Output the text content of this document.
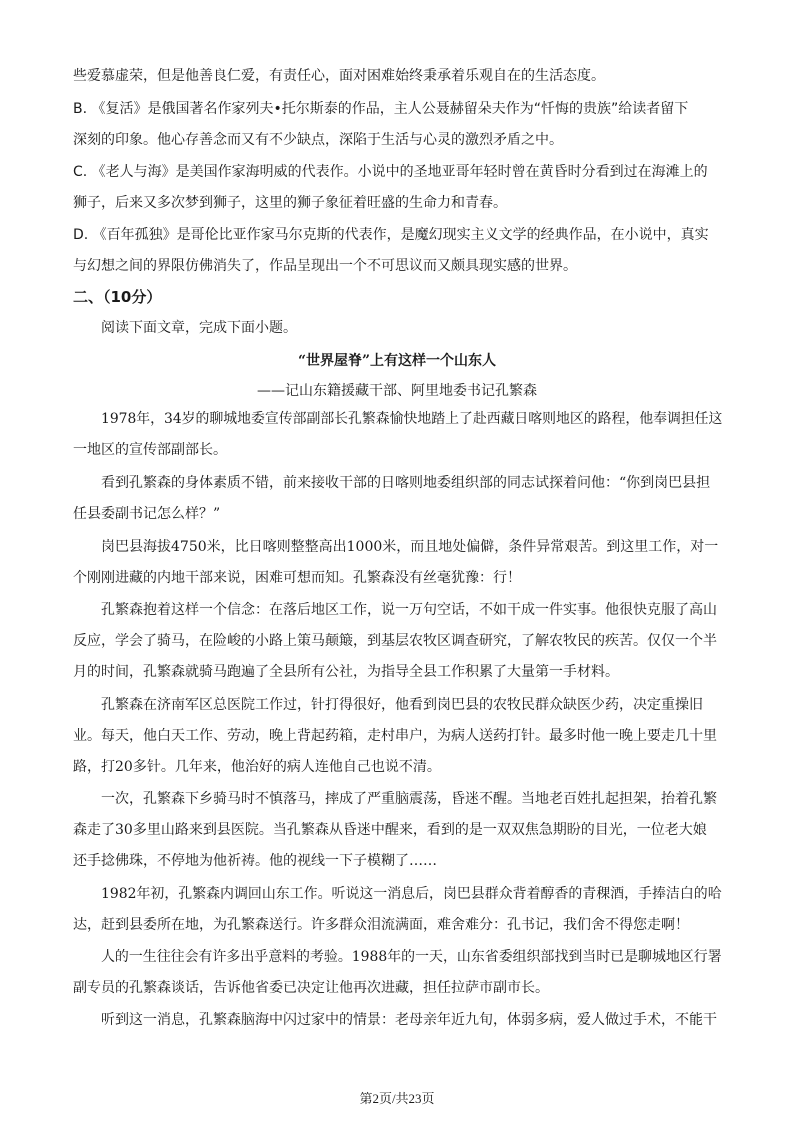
些爱慕虚荣，但是他善良仁爱，有责任心，面对困难始终秉承着乐观自在的生活态度。
B. 《复活》是俄国著名作家列夫•托尔斯泰的作品，主人公聂赫留朵夫作为“忏悔的贵族”给读者留下
深刻的印象。他心存善念而又有不少缺点，深陷于生活与心灵的激烈矛盾之中。
C. 《老人与海》是美国作家海明威的代表作。小说中的圣地亚哥年轻时曾在黄昏时分看到过在海滩上的
狮子，后来又多次梦到狮子，这里的狮子象征着旺盛的生命力和青春。
D. 《百年孤独》是哥伦比亚作家马尔克斯的代表作，是魔幻现实主义文学的经典作品，在小说中，真实
与幻想之间的界限仿佛消失了，作品呈现出一个不可思议而又颇具现实感的世界。
二、（10分）
阅读下面文章，完成下面小题。
“世界屋脊”上有这样一个山东人
——记山东籍援藏干部、阿里地委书记孔繁森
1978年，34岁的聊城地委宣传部副部长孔繁森愉快地踏上了赴西藏日喀则地区的路程，他奉调担任这
一地区的宣传部副部长。
看到孔繁森的身体素质不错，前来接收干部的日喀则地委组织部的同志试探着问他：“你到岗巴县担
任县委副书记怎么样？”
岗巴县海拔4750米，比日喀则整整高出1000米，而且地处偏僻，条件异常艰苦。到这里工作，对一
个刚刚进藏的内地干部来说，困难可想而知。孔繁森没有丝毫犹豫：行！
孔繁森抱着这样一个信念：在落后地区工作，说一万句空话，不如干成一件实事。他很快克服了高山
反应，学会了骑马，在险峻的小路上策马颠簸，到基层农牧区调查研究，了解农牧民的疾苦。仅仅一个半
月的时间，孔繁森就骑马跑遍了全县所有公社，为指导全县工作积累了大量第一手材料。
孔繁森在济南军区总医院工作过，针打得很好，他看到岗巴县的农牧民群众缺医少药，决定重操旧
业。每天，他白天工作、劳动，晚上背起药箱，走村串户，为病人送药打针。最多时他一晚上要走几十里
路，打20多针。几年来，他治好的病人连他自己也说不清。
一次，孔繁森下乡骑马时不慎落马，摔成了严重脑震荡，昏迷不醒。当地老百姓扎起担架，抬着孔繁
森走了30多里山路来到县医院。当孔繁森从昏迷中醒来，看到的是一双双焦急期盼的目光，一位老大娘
还手捻佛珠，不停地为他祈祷。他的视线一下子模糊了……
1982年初，孔繁森内调回山东工作。听说这一消息后，岗巴县群众背着醇香的青稞酒，手捧洁白的哈
达，赶到县委所在地，为孔繁森送行。许多群众泪流满面，难舍难分：孔书记，我们舍不得您走啊！
人的一生往往会有许多出乎意料的考验。1988年的一天，山东省委组织部找到当时已是聊城地区行署
副专员的孔繁森谈话，告诉他省委已决定让他再次进藏，担任拉萨市副市长。
听到这一消息，孔繁森脑海中闪过家中的情景：老母亲年近九旬，体弱多病，爱人做过手术，不能干
第2页/共23页
